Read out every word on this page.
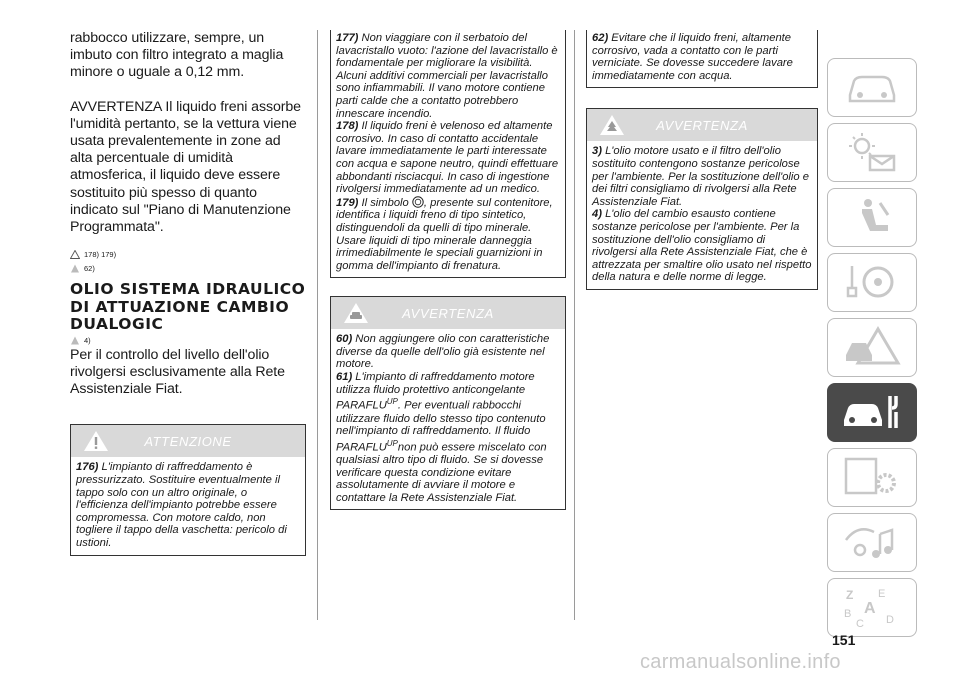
rabbocco utilizzare, sempre, un imbuto con filtro integrato a maglia minore o uguale a 0,12 mm.

AVVERTENZA Il liquido freni assorbe l'umidità pertanto, se la vettura viene usata prevalentemente in zone ad alta percentuale di umidità atmosferica, il liquido deve essere sostituito più spesso di quanto indicato sul "Piano di Manutenzione Programmata".

178) 179)
62)
OLIO SISTEMA IDRAULICO DI ATTUAZIONE CAMBIO DUALOGIC
4)

Per il controllo del livello dell'olio rivolgersi esclusivamente alla Rete Assistenziale Fiat.

ATTENZIONE

176) L'impianto di raffreddamento è pressurizzato. Sostituire eventualmente il tappo solo con un altro originale, o l'efficienza dell'impianto potrebbe essere compromessa. Con motore caldo, non togliere il tappo della vaschetta: pericolo di ustioni.

177) Non viaggiare con il serbatoio del lavacristallo vuoto: l'azione del lavacristallo è fondamentale per migliorare la visibilità. Alcuni additivi commerciali per lavacristallo sono infiammabili. Il vano motore contiene parti calde che a contatto potrebbero innescare incendio.

178) Il liquido freni è velenoso ed altamente corrosivo. In caso di contatto accidentale lavare immediatamente le parti interessate con acqua e sapone neutro, quindi effettuare abbondanti risciacqui. In caso di ingestione rivolgersi immediatamente ad un medico.

179) Il simbolo , presente sul contenitore, identifica i liquidi freno di tipo sintetico, distinguendoli da quelli di tipo minerale. Usare liquidi di tipo minerale danneggia irrimediabilmente le speciali guarnizioni in gomma dell'impianto di frenatura.

AVVERTENZA

60) Non aggiungere olio con caratteristiche diverse da quelle dell'olio già esistente nel motore.

61) L'impianto di raffreddamento motore utilizza fluido protettivo anticongelante $PARAFLU^{UP}$. Per eventuali rabbocchi utilizzare fluido dello stesso tipo contenuto nell'impianto di raffreddamento. Il fluido $PARAFLU^{UP}non$ può essere miscelato con qualsiasi altro tipo di fluido. Se si dovesse verificare questa condizione evitare assolutamente di avviare il motore e contattare la Rete Assistenziale Fiat.

62) Evitare che il liquido freni, altamente corrosivo, vada a contatto con le parti verniciate. Se dovesse succedere lavare immediatamente con acqua.

AVVERTENZA

3) L'olio motore usato e il filtro dell'olio sostituito contengono sostanze pericolose per l'ambiente. Per la sostituzione dell'olio e dei filtri consigliamo di rivolgersi alla Rete Assistenziale Fiat.

4) L'olio del cambio esausto contiene sostanze pericolose per l'ambiente. Per la sostituzione dell'olio consigliamo di rivolgersi alla Rete Assistenziale Fiat, che è attrezzata per smaltire olio usato nel rispetto della natura e delle norme di legge.

Z E
A
B
C D
151
carmanualsonline.info
